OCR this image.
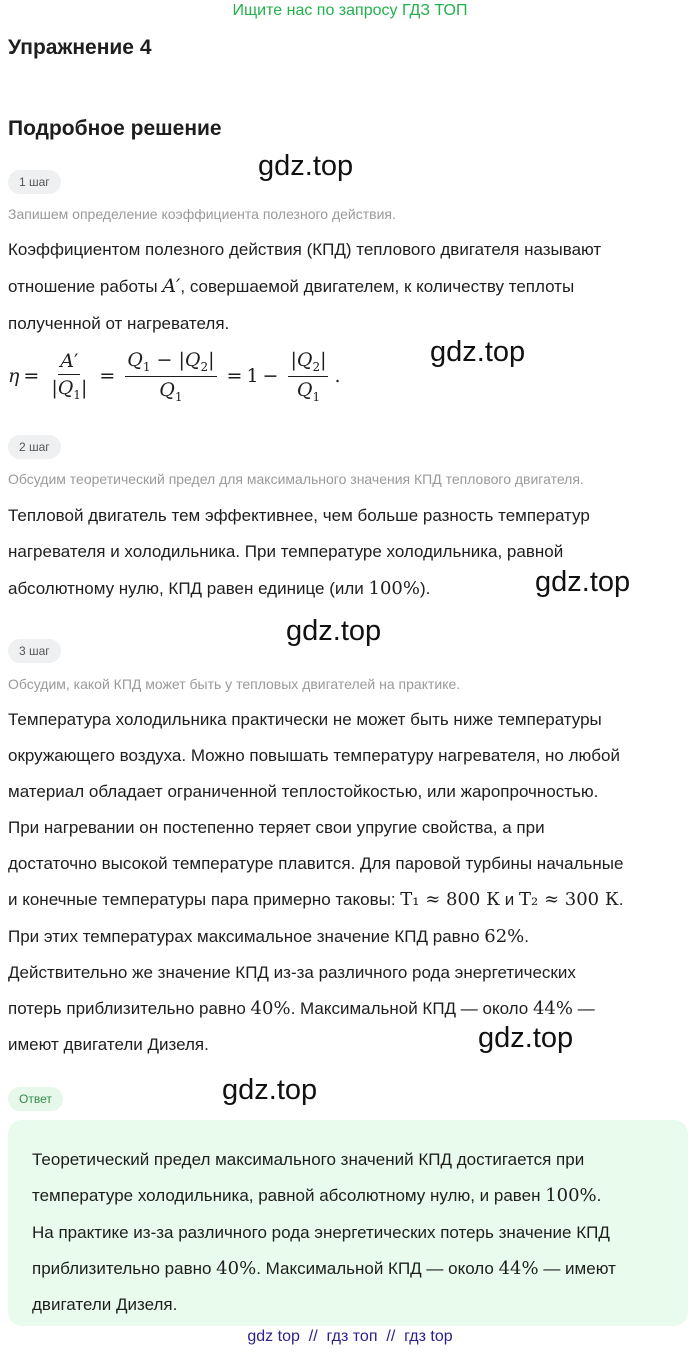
Ищите нас по запросу ГДЗ ТОП
Упражнение 4
Подробное решение
1 шаг	gdz.top
Запишем определение коэффициента полезного действия.
Коэффициентом полезного действия (КПД) теплового двигателя называют
отношение работы A′, совершаемой двигателем, к количеству теплоты
полученной от нагревателя.
$\eta = \frac{A'}{|Q_1|} = \frac{Q_1 - |Q_2|}{Q_1} = 1 - \frac{|Q_2|}{Q_1}$ .
gdz.top
2 шаг
Обсудим теоретический предел для максимального значения КПД теплового двигателя.
Тепловой двигатель тем эффективнее, чем больше разность температур
нагревателя и холодильника. При температуре холодильника, равной
абсолютному нулю, КПД равен единице (или 100%).	gdz.top
gdz.top
3 шаг
Обсудим, какой КПД может быть у тепловых двигателей на практике.
Температура холодильника практически не может быть ниже температуры
окружающего воздуха. Можно повышать температуру нагревателя, но любой
материал обладает ограниченной теплостойкостью, или жаропрочностью.
При нагревании он постепенно теряет свои упругие свойства, а при
достаточно высокой температуре плавится. Для паровой турбины начальные
и конечные температуры пара примерно таковы: T₁ ≈ 800 К и T₂ ≈ 300 К.
При этих температурах максимальное значение КПД равно 62%.
Действительно же значение КПД из-за различного рода энергетических
потерь приблизительно равно 40%. Максимальной КПД — около 44% —
имеют двигатели Дизеля.	gdz.top
gdz.top
Ответ
Теоретический предел максимального значений КПД достигается при
температуре холодильника, равной абсолютному нулю, и равен 100%.
На практике из-за различного рода энергетических потерь значение КПД
приблизительно равно 40%. Максимальной КПД — около 44% — имеют
двигатели Дизеля.
gdz top  //  гдз топ  //  гдз top
